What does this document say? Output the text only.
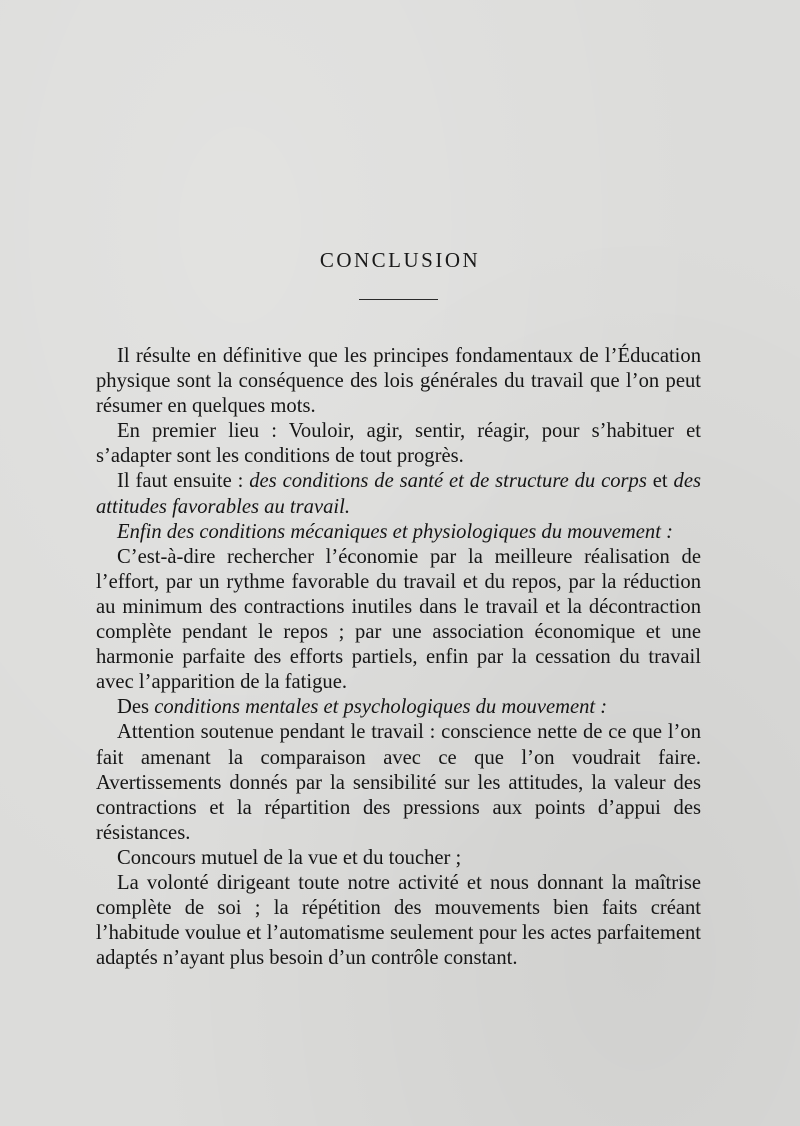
CONCLUSION

Il résulte en définitive que les principes fondamentaux de l’Éducation physique sont la conséquence des lois générales du travail que l’on peut résumer en quelques mots.

En premier lieu : Vouloir, agir, sentir, réagir, pour s’habituer et s’adapter sont les conditions de tout progrès.

Il faut ensuite : des conditions de santé et de structure du corps et des attitudes favorables au travail.

Enfin des conditions mécaniques et physiologiques du mouvement :

C’est-à-dire rechercher l’économie par la meilleure réalisation de l’effort, par un rythme favorable du travail et du repos, par la réduction au minimum des contractions inutiles dans le travail et la décontraction complète pendant le repos ; par une association économique et une harmonie parfaite des efforts partiels, enfin par la cessation du travail avec l’apparition de la fatigue.

Des conditions mentales et psychologiques du mouvement :

Attention soutenue pendant le travail : conscience nette de ce que l’on fait amenant la comparaison avec ce que l’on voudrait faire. Avertissements donnés par la sensibilité sur les attitudes, la valeur des contractions et la répartition des pressions aux points d’appui des résistances.

Concours mutuel de la vue et du toucher ;

La volonté dirigeant toute notre activité et nous donnant la maîtrise complète de soi ; la répétition des mouvements bien faits créant l’habitude voulue et l’automatisme seulement pour les actes parfaitement adaptés n’ayant plus besoin d’un contrôle constant.
